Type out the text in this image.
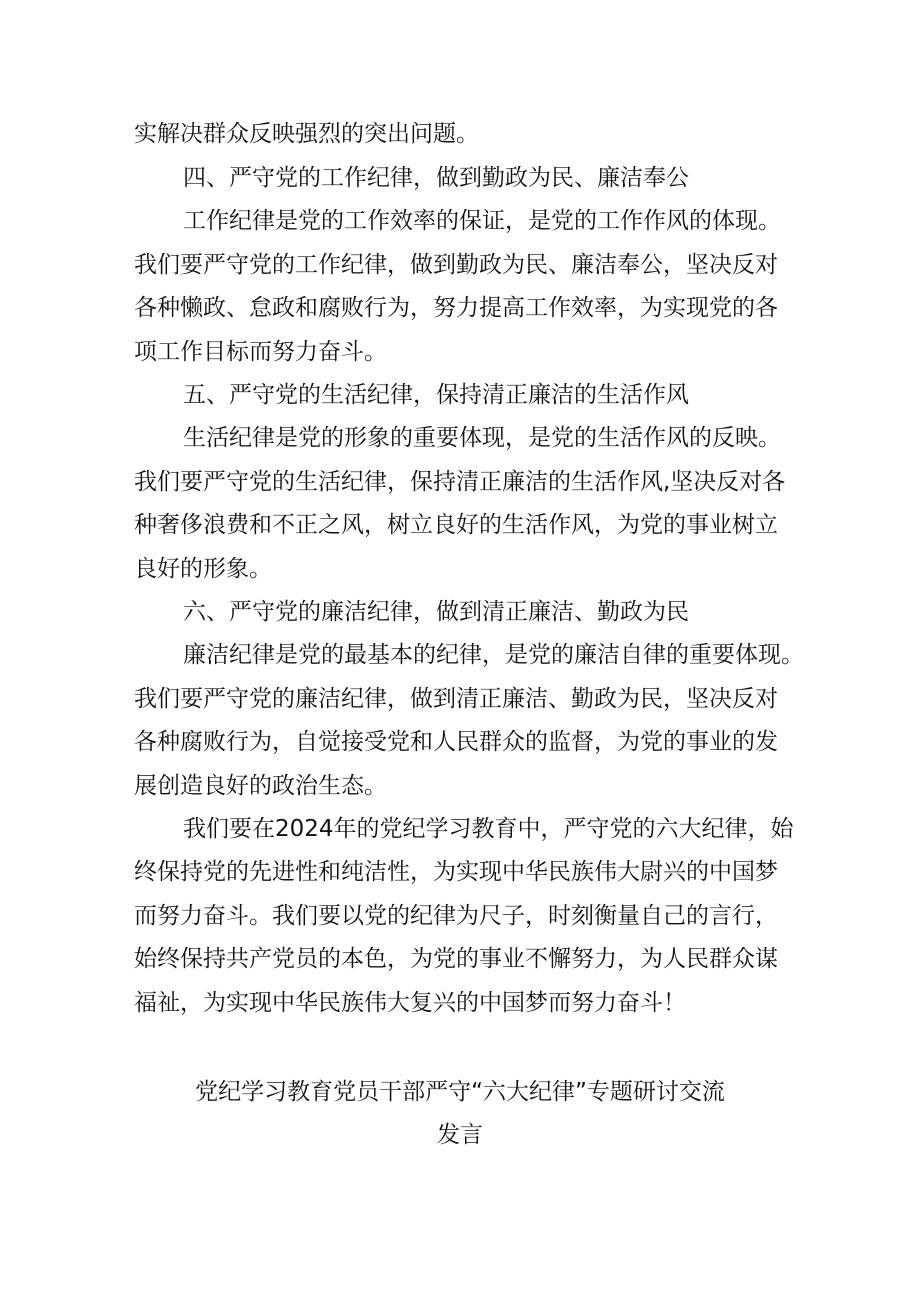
实解决群众反映强烈的突出问题。
四、严守党的工作纪律，做到勤政为民、廉洁奉公
工作纪律是党的工作效率的保证，是党的工作作风的体现。
我们要严守党的工作纪律，做到勤政为民、廉洁奉公，坚决反对
各种懒政、怠政和腐败行为，努力提高工作效率，为实现党的各
项工作目标而努力奋斗。
五、严守党的生活纪律，保持清正廉洁的生活作风
生活纪律是党的形象的重要体现，是党的生活作风的反映。
我们要严守党的生活纪律，保持清正廉洁的生活作风,坚决反对各
种奢侈浪费和不正之风，树立良好的生活作风，为党的事业树立
良好的形象。
六、严守党的廉洁纪律，做到清正廉洁、勤政为民
廉洁纪律是党的最基本的纪律，是党的廉洁自律的重要体现。
我们要严守党的廉洁纪律，做到清正廉洁、勤政为民，坚决反对
各种腐败行为，自觉接受党和人民群众的监督，为党的事业的发
展创造良好的政治生态。
我们要在2024年的党纪学习教育中，严守党的六大纪律，始
终保持党的先进性和纯洁性，为实现中华民族伟大尉兴的中国梦
而努力奋斗。我们要以党的纪律为尺子，时刻衡量自己的言行，
始终保持共产党员的本色，为党的事业不懈努力，为人民群众谋
福祉，为实现中华民族伟大复兴的中国梦而努力奋斗！
党纪学习教育党员干部严守“六大纪律”专题研讨交流
发言
